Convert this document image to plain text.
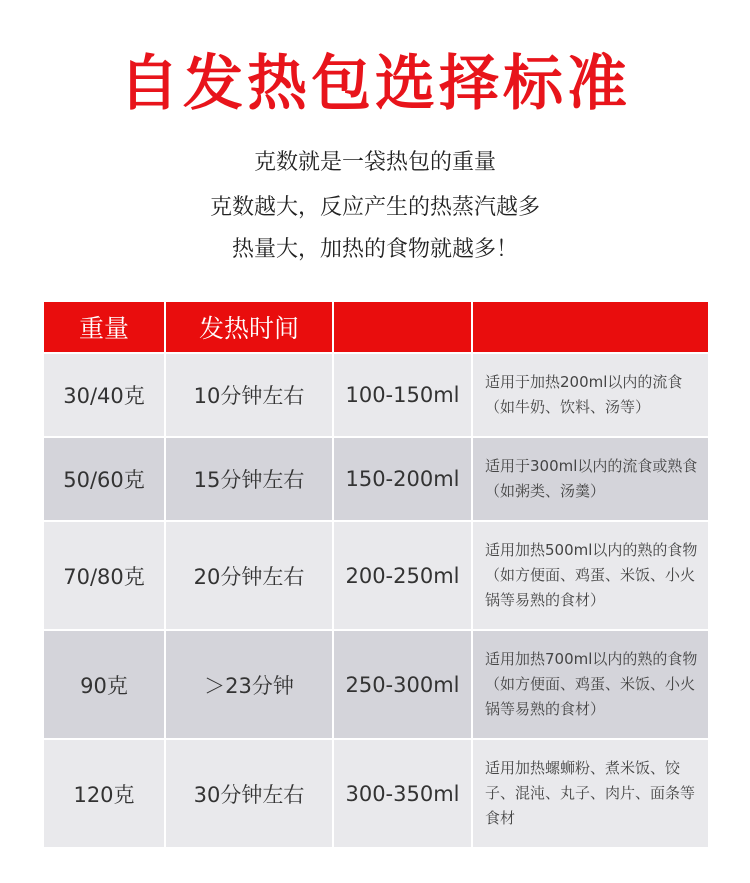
自发热包选择标准
克数就是一袋热包的重量
克数越大，反应产生的热蒸汽越多
热量大，加热的食物就越多！
重量	发热时间		
30/40克	10分钟左右	100-150ml	适用于加热200ml以内的流食（如牛奶、饮料、汤等）
50/60克	15分钟左右	150-200ml	适用于300ml以内的流食或熟食（如粥类、汤羹）
70/80克	20分钟左右	200-250ml	适用加热500ml以内的熟的食物（如方便面、鸡蛋、米饭、小火锅等易熟的食材）
90克	＞23分钟	250-300ml	适用加热700ml以内的熟的食物（如方便面、鸡蛋、米饭、小火锅等易熟的食材）
120克	30分钟左右	300-350ml	适用加热螺蛳粉、煮米饭、饺子、混沌、丸子、肉片、面条等食材
